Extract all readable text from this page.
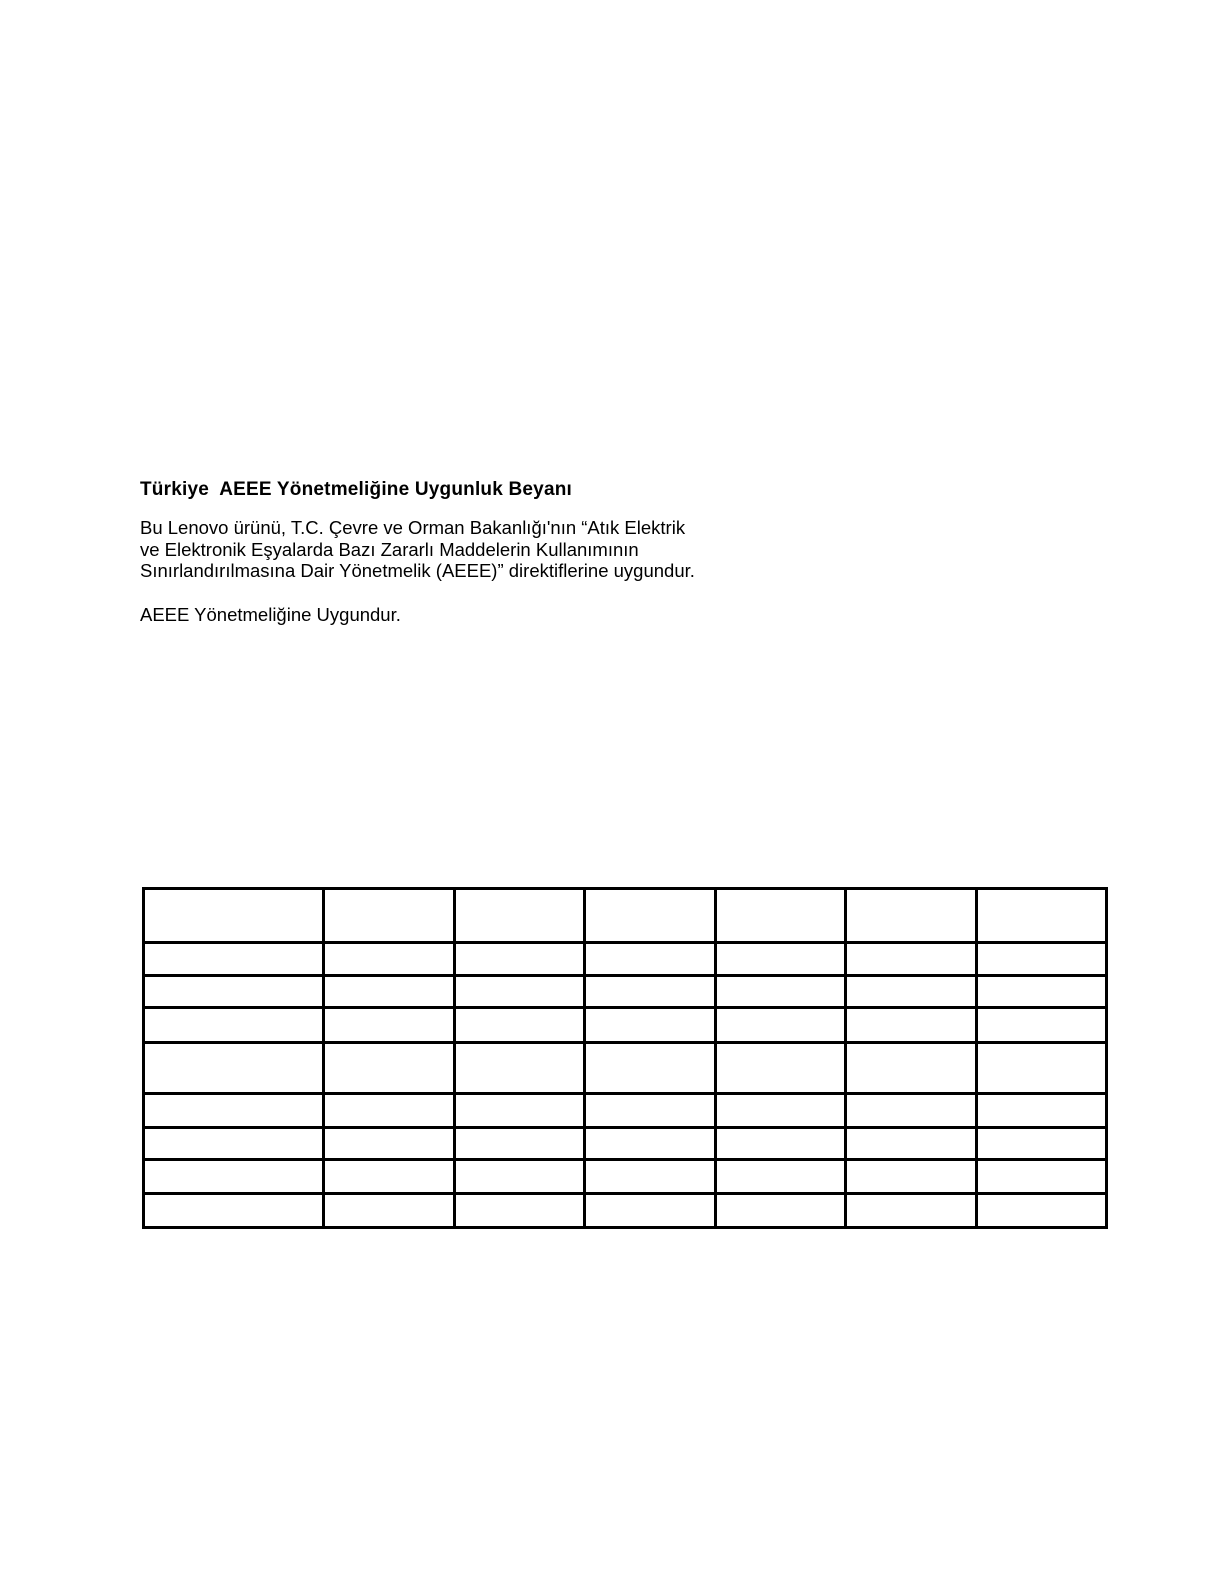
Türkiye  AEEE Yönetmeliğine Uygunluk Beyanı
Bu Lenovo ürünü, T.C. Çevre ve Orman Bakanlığı'nın “Atık Elektrik
ve Elektronik Eşyalarda Bazı Zararlı Maddelerin Kullanımının
Sınırlandırılmasına Dair Yönetmelik (AEEE)” direktiflerine uygundur.
AEEE Yönetmeliğine Uygundur.
